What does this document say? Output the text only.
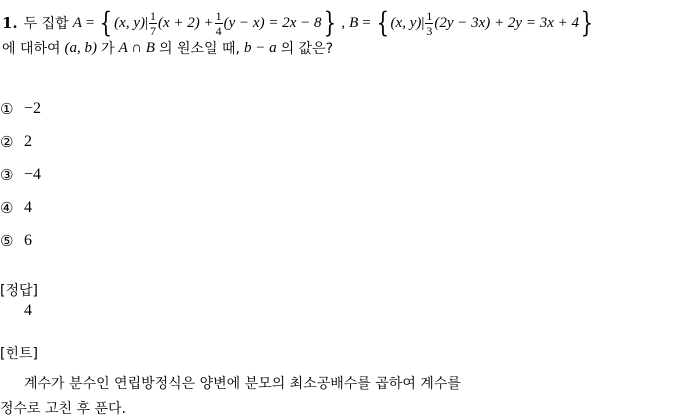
1. 두 집합 A = { (x, y) | $\frac{1}{7} (x + 2) + \frac{1}{4} (y - x) = 2x - 8$ } , B = { (x, y) | $\frac{1}{3} (2y - 3x) + 2y = 3x + 4$ }
에 대하여 (a, b) 가 A ∩ B 의 원소일 때, b − a 의 값은?
① −2
② 2
③ −4
④ 4
⑤ 6
[정답]
4
[힌트]
계수가 분수인 연립방정식은 양변에 분모의 최소공배수를 곱하여 계수를
정수로 고친 후 푼다.
